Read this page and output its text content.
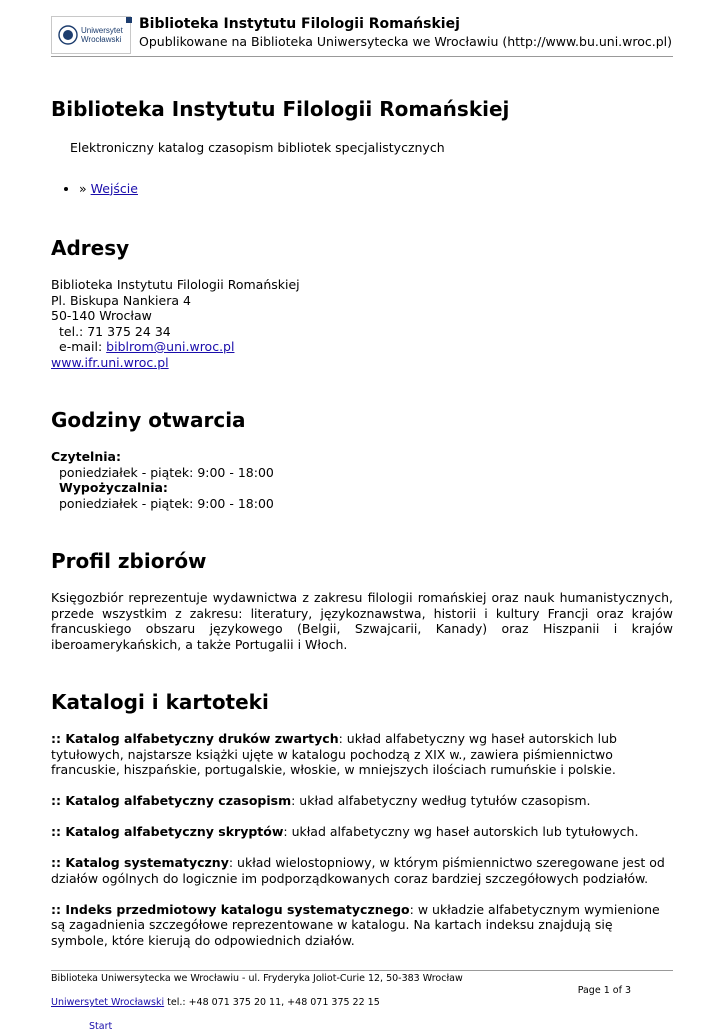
Uniwersytet
Wrocławski
Biblioteka Instytutu Filologii Romańskiej
Opublikowane na Biblioteka Uniwersytecka we Wrocławiu (http://www.bu.uni.wroc.pl)
Biblioteka Instytutu Filologii Romańskiej
Elektroniczny katalog czasopism bibliotek specjalistycznych
• » Wejście
Adresy
Biblioteka Instytutu Filologii Romańskiej
Pl. Biskupa Nankiera 4
50-140 Wrocław
tel.: 71 375 24 34
e-mail: biblrom@uni.wroc.pl
www.ifr.uni.wroc.pl
Godziny otwarcia
Czytelnia:
poniedziałek - piątek: 9:00 - 18:00
Wypożyczalnia:
poniedziałek - piątek: 9:00 - 18:00
Profil zbiorów

Księgozbiór reprezentuje wydawnictwa z zakresu filologii romańskiej oraz nauk humanistycznych, przede wszystkim z zakresu: literatury, językoznawstwa, historii i kultury Francji oraz krajów francuskiego obszaru językowego (Belgii, Szwajcarii, Kanady) oraz Hiszpanii i krajów iberoamerykańskich, a także Portugalii i Włoch.

Katalogi i kartoteki

:: Katalog alfabetyczny druków zwartych: układ alfabetyczny wg haseł autorskich lub tytułowych, najstarsze książki ujęte w katalogu pochodzą z XIX w., zawiera piśmiennictwo francuskie, hiszpańskie, portugalskie, włoskie, w mniejszych ilościach rumuńskie i polskie.

:: Katalog alfabetyczny czasopism: układ alfabetyczny według tytułów czasopism.

:: Katalog alfabetyczny skryptów: układ alfabetyczny wg haseł autorskich lub tytułowych.

:: Katalog systematyczny: układ wielostopniowy, w którym piśmiennictwo szeregowane jest od działów ogólnych do logicznie im podporządkowanych coraz bardziej szczegółowych podziałów.

:: Indeks przedmiotowy katalogu systematycznego: w układzie alfabetycznym wymienione są zagadnienia szczegółowe reprezentowane w katalogu. Na kartach indeksu znajdują się symbole, które kierują do odpowiednich działów.

Biblioteka Uniwersytecka we Wrocławiu - ul. Fryderyka Joliot-Curie 12, 50-383 Wrocław
Page 1 of 3
Uniwersytet Wrocławski tel.: +48 071 375 20 11, +48 071 375 22 15
Start
